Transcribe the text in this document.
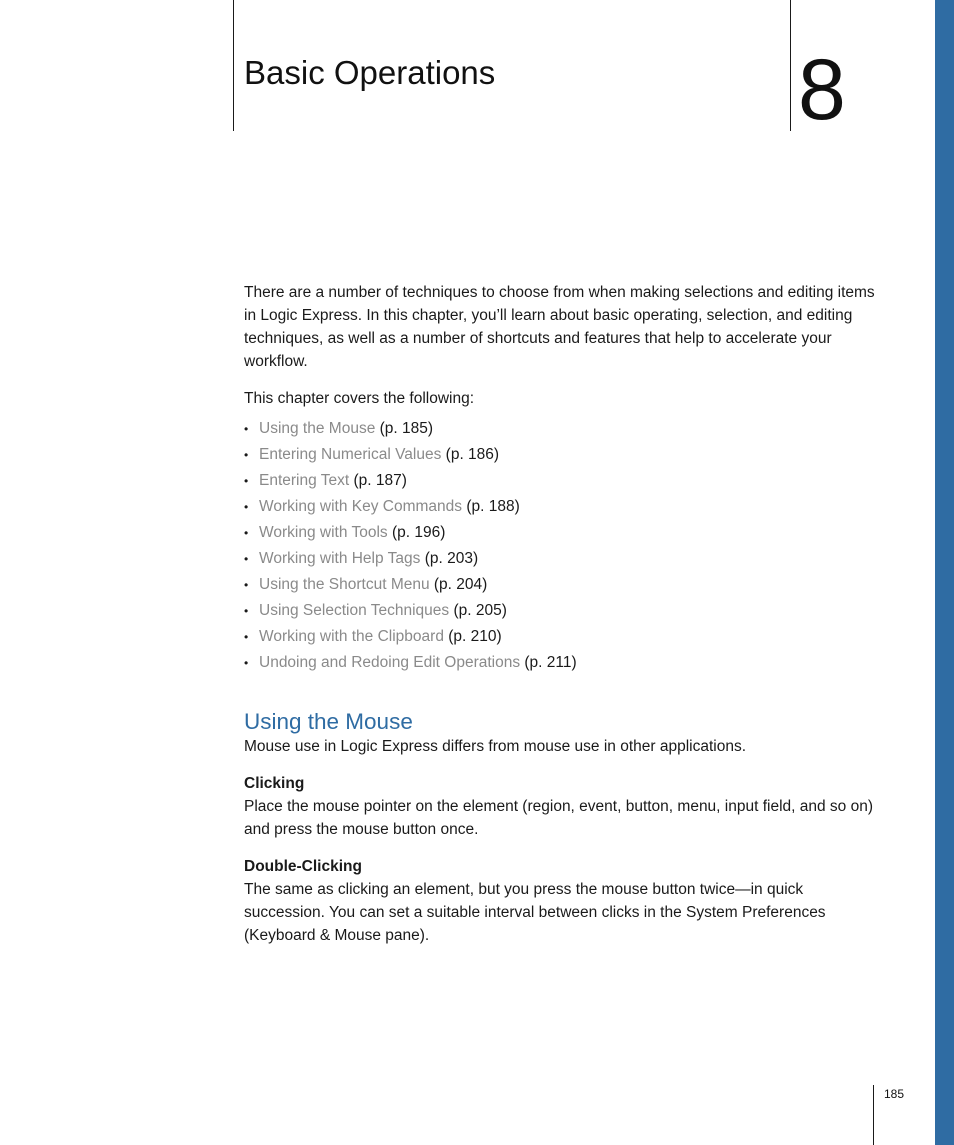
Basic Operations	8

There are a number of techniques to choose from when making selections and editing items in Logic Express. In this chapter, you’ll learn about basic operating, selection, and editing techniques, as well as a number of shortcuts and features that help to accelerate your workflow.

This chapter covers the following:

• Using the Mouse (p. 185)
• Entering Numerical Values (p. 186)
• Entering Text (p. 187)
• Working with Key Commands (p. 188)
• Working with Tools (p. 196)
• Working with Help Tags (p. 203)
• Using the Shortcut Menu (p. 204)
• Using Selection Techniques (p. 205)
• Working with the Clipboard (p. 210)
• Undoing and Redoing Edit Operations (p. 211)
Using the Mouse

Mouse use in Logic Express differs from mouse use in other applications.

Clicking

Place the mouse pointer on the element (region, event, button, menu, input field, and so on) and press the mouse button once.

Double-Clicking

The same as clicking an element, but you press the mouse button twice—in quick succession. You can set a suitable interval between clicks in the System Preferences (Keyboard & Mouse pane).

185
